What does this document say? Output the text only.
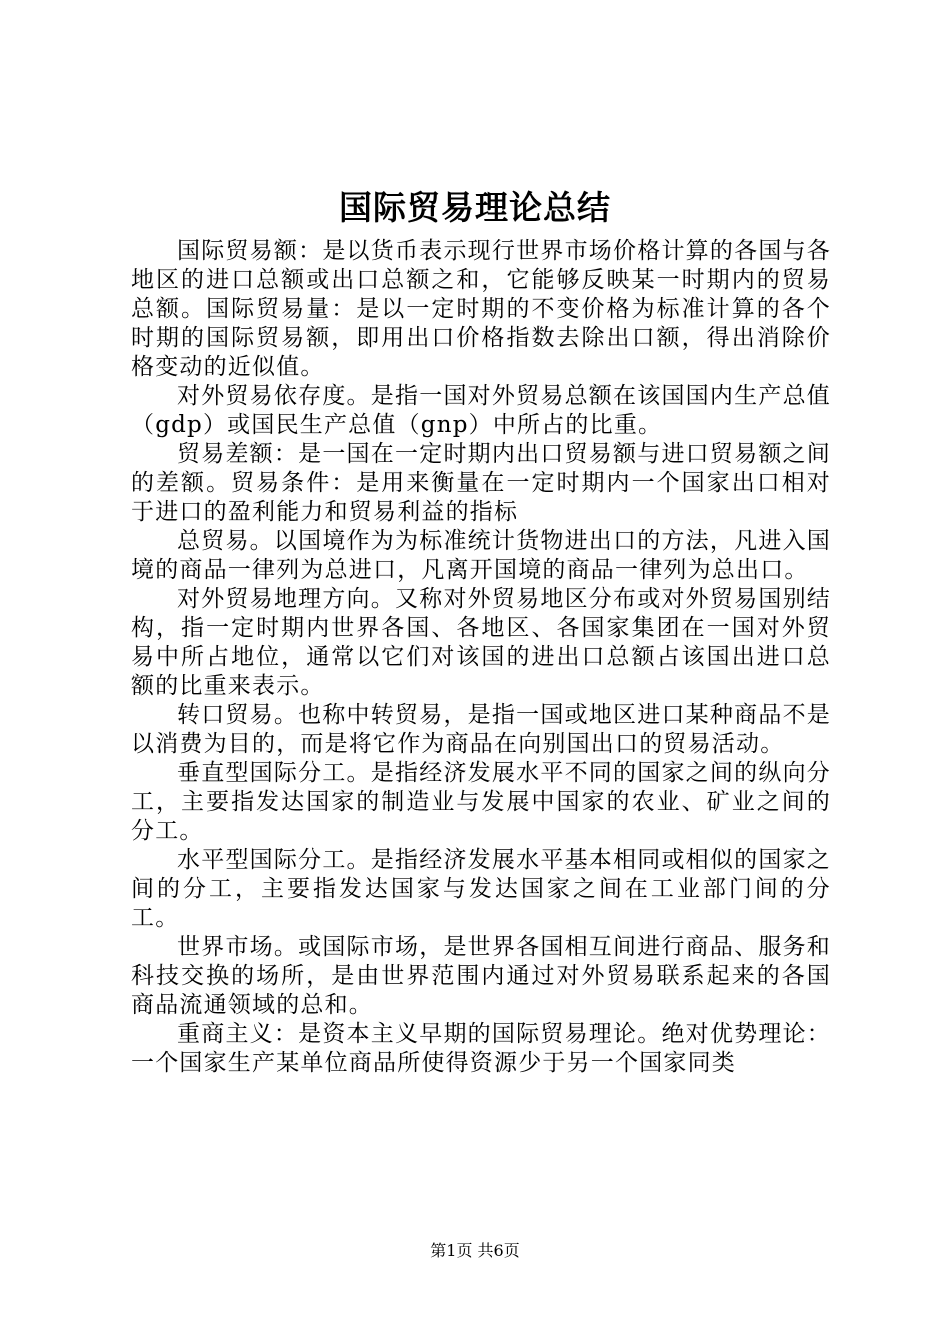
国际贸易理论总结

国际贸易额：是以货币表示现行世界市场价格计算的各国与各地区的进口总额或出口总额之和，它能够反映某一时期内的贸易总额。国际贸易量：是以一定时期的不变价格为标准计算的各个时期的国际贸易额，即用出口价格指数去除出口额，得出消除价格变动的近似值。

对外贸易依存度。是指一国对外贸易总额在该国国内生产总值（gdp）或国民生产总值（gnp）中所占的比重。

贸易差额：是一国在一定时期内出口贸易额与进口贸易额之间的差额。贸易条件：是用来衡量在一定时期内一个国家出口相对于进口的盈利能力和贸易利益的指标

总贸易。以国境作为为标准统计货物进出口的方法，凡进入国境的商品一律列为总进口，凡离开国境的商品一律列为总出口。

对外贸易地理方向。又称对外贸易地区分布或对外贸易国别结构，指一定时期内世界各国、各地区、各国家集团在一国对外贸易中所占地位，通常以它们对该国的进出口总额占该国出进口总额的比重来表示。

转口贸易。也称中转贸易，是指一国或地区进口某种商品不是以消费为目的，而是将它作为商品在向别国出口的贸易活动。

垂直型国际分工。是指经济发展水平不同的国家之间的纵向分工，主要指发达国家的制造业与发展中国家的农业、矿业之间的分工。

水平型国际分工。是指经济发展水平基本相同或相似的国家之间的分工，主要指发达国家与发达国家之间在工业部门间的分工。

世界市场。或国际市场，是世界各国相互间进行商品、服务和科技交换的场所，是由世界范围内通过对外贸易联系起来的各国商品流通领域的总和。

重商主义：是资本主义早期的国际贸易理论。绝对优势理论：一个国家生产某单位商品所使得资源少于另一个国家同类

第1页 共6页
